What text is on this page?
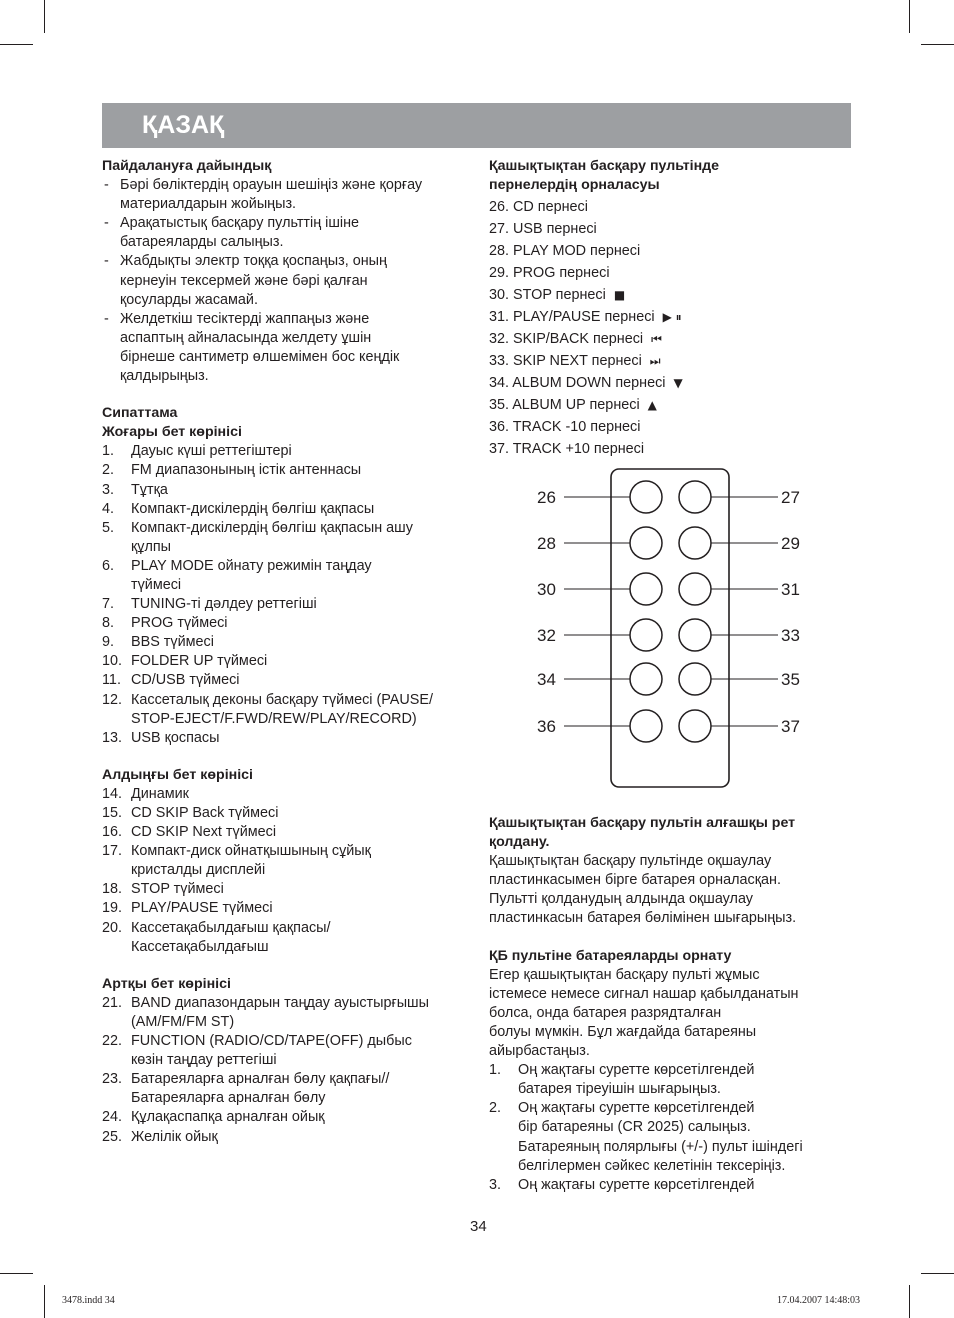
ҚАЗАҚ
Пайдалануға дайындық
- Бәрі бөліктердің орауын шешіңіз және қорғау
материалдарын жойыңыз.
- Арақатыстық басқару пульттің ішіне
батареяларды салыңыз.
- Жабдықты электр тоққа қоспаңыз, оның
кернеуін тексермей және бәрі қалған
қосуларды жасамай.
- Желдеткіш тесіктерді жаппаңыз және
аспаптың айналасында желдету ұшін
бірнеше сантиметр өлшемімен бос кеңдік
қалдырыңыз.
Сипаттама
Жоғары бет көрінісі
1. Дауыс күші реттегіштері
2. FM диапазонының істік антеннасы
3. Тұтқа
4. Компакт-дискілердің бөлгіш қақпасы
5. Компакт-дискілердің бөлгіш қақпасын ашу
құлпы
6. PLAY MODE ойнату режимін таңдау
түймесі
7. TUNING-ті дәлдеу реттегіші
8. PROG түймесі
9. BBS түймесі
10. FOLDER UP түймесі
11. CD/USB түймесі
12. Кассеталық деконы басқару түймесі (PAUSE/
STOP-EJECT/F.FWD/REW/PLAY/RECORD)
13. USB қоспасы
Алдыңғы бет көрінісі
14. Динамик
15. CD SKIP Back түймесі
16. CD SKIP Next түймесі
17. Компакт-диск ойнатқышының сұйық
кристалды дисплейі
18. STOP түймесі
19. PLAY/PAUSE түймесі
20. Кассетақабылдағыш қақпасы/
Кассетақабылдағыш
Артқы бет көрінісі
21. BAND диапазондарын таңдау ауыстырғышы
(AM/FM/FM ST)
22. FUNCTION (RADIO/CD/TAPE(OFF) дыбыс
көзін таңдау реттегіші
23. Батареяларға арналған бөлу қақпағы//
Батареяларға арналған бөлу
24. Құлақаспапқа арналған ойық
25. Желілік ойық
Қашықтықтан басқару пультінде
пернелердің орналасуы
26. CD пернесі
27. USB пернесі
28. PLAY MOD пернесі
29. PROG пернесі
30. STOP пернесі ■
31. PLAY/PAUSE пернесі ▶ ⏸
32. SKIP/BACK пернесі ⏮
33. SKIP NEXT пернесі ⏭
34. ALBUM DOWN пернесі ▼
35. ALBUM UP пернесі ▲
36. TRACK -10 пернесі
37. TRACK +10 пернесі
26	27
28	29
30	31
32	33
34	35
36	37
Қашықтықтан басқару пультін алғашқы рет
қолдану.
Қашықтықтан басқару пультінде оқшаулау
пластинкасымен бірге батарея орналасқан.
Пультті қолданудың алдында оқшаулау
пластинкасын батарея бөлімінен шығарыңыз.
ҚБ пультіне батареяларды орнату
Егер қашықтықтан басқару пульті жұмыс
істемесе немесе сигнал нашар қабылданатын
болса, онда батарея разрядталған
болуы мүмкін. Бұл жағдайда батареяны
айырбастаңыз.
1. Оң жақтағы суретте көрсетілгендей
батарея тіреуішін шығарыңыз.
2. Оң жақтағы суретте көрсетілгендей
бір батареяны (CR 2025) салыңыз.
Батареяның полярлығы (+/-) пульт ішіндегі
белгілермен сәйкес келетінін тексеріңіз.
3. Оң жақтағы суретте көрсетілгендей
34
3478.indd 34	17.04.2007 14:48:03
